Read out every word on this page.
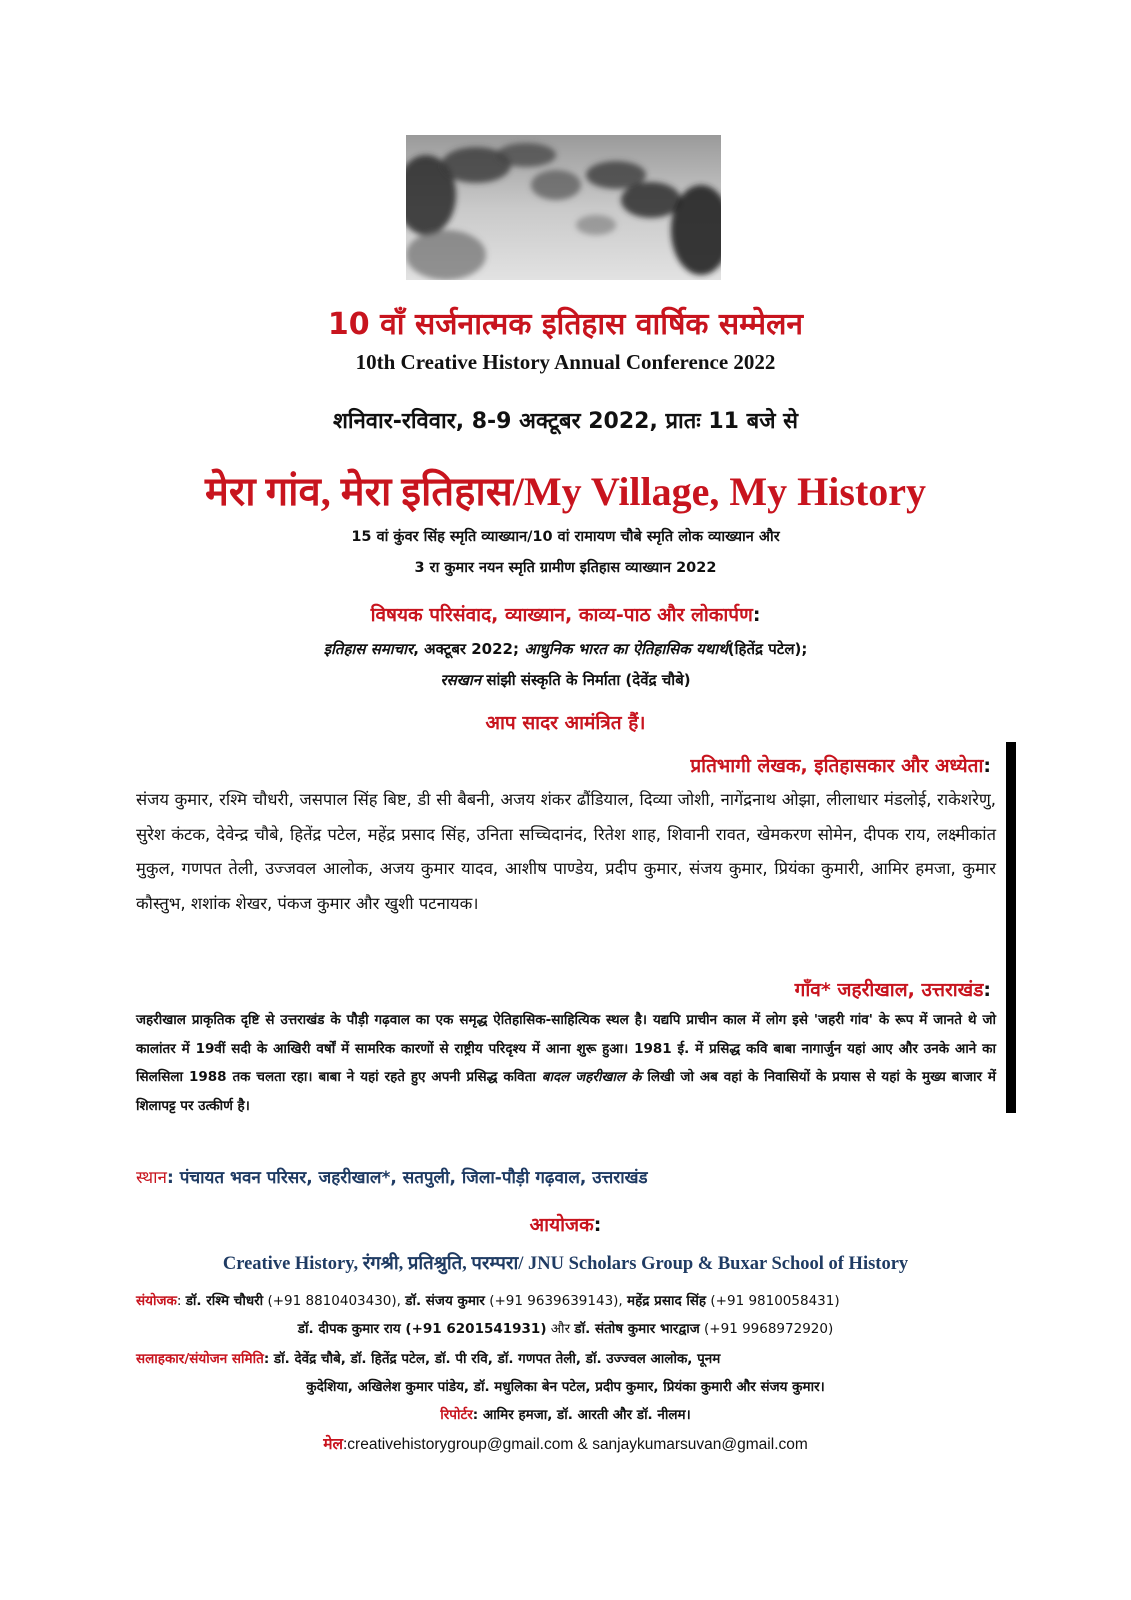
10 वाँ सर्जनात्मक इतिहास वार्षिक सम्मेलन
10th Creative History Annual Conference 2022
शनिवार-रविवार, 8-9 अक्टूबर 2022, प्रातः 11 बजे से
मेरा गांव, मेरा इतिहास/My Village, My History
15 वां कुंवर सिंह स्मृति व्याख्यान/10 वां रामायण चौबे स्मृति लोक व्याख्यान और
3 रा कुमार नयन स्मृति ग्रामीण इतिहास व्याख्यान 2022
विषयक परिसंवाद, व्याख्यान, काव्य-पाठ और लोकार्पण:
इतिहास समाचार, अक्टूबर 2022; आधुनिक भारत का ऐतिहासिक यथार्थ(हितेंद्र पटेल);
रसखान सांझी संस्कृति के निर्माता (देवेंद्र चौबे)
आप सादर आमंत्रित हैं।
प्रतिभागी लेखक, इतिहासकार और अध्येता:
संजय कुमार, रश्मि चौधरी, जसपाल सिंह बिष्ट, डी सी बैबनी, अजय शंकर ढौंडियाल, दिव्या जोशी, नागेंद्रनाथ ओझा, लीलाधार मंडलोई, राकेशरेणु, सुरेश कंटक, देवेन्द्र चौबे, हितेंद्र पटेल, महेंद्र प्रसाद सिंह, उनिता सच्चिदानंद, रितेश शाह, शिवानी रावत, खेमकरण सोमेन, दीपक राय, लक्ष्मीकांत मुकुल, गणपत तेली, उज्जवल आलोक, अजय कुमार यादव, आशीष पाण्डेय, प्रदीप कुमार, संजय कुमार, प्रियंका कुमारी, आमिर हमजा, कुमार कौस्तुभ, शशांक शेखर, पंकज कुमार और खुशी पटनायक।
गाँव* जहरीखाल, उत्तराखंड:
जहरीखाल प्राकृतिक दृष्टि से उत्तराखंड के पौड़ी गढ़वाल का एक समृद्ध ऐतिहासिक-साहित्यिक स्थल है। यद्यपि प्राचीन काल में लोग इसे 'जहरी गांव' के रूप में जानते थे जो कालांतर में 19वीं सदी के आखिरी वर्षों में सामरिक कारणों से राष्ट्रीय परिदृश्य में आना शुरू हुआ। 1981 ई. में प्रसिद्ध कवि बाबा नागार्जुन यहां आए और उनके आने का सिलसिला 1988 तक चलता रहा। बाबा ने यहां रहते हुए अपनी प्रसिद्ध कविता बादल जहरीखाल के लिखी जो अब वहां के निवासियों के प्रयास से यहां के मुख्य बाजार में शिलापट्ट पर उत्कीर्ण है।
स्थान: पंचायत भवन परिसर, जहरीखाल*, सतपुली, जिला-पौड़ी गढ़वाल, उत्तराखंड
आयोजक:
Creative History, रंगश्री, प्रतिश्रुति, परम्परा/ JNU Scholars Group & Buxar School of History
संयोजक: डॉ. रश्मि चौधरी (+91 8810403430), डॉ. संजय कुमार (+91 9639639143), महेंद्र प्रसाद सिंह (+91 9810058431)
डॉ. दीपक कुमार राय (+91 6201541931) और डॉ. संतोष कुमार भारद्वाज (+91 9968972920)
सलाहकार/संयोजन समिति: डॉ. देवेंद्र चौबे, डॉ. हितेंद्र पटेल, डॉ. पी रवि, डॉ. गणपत तेली, डॉ. उज्ज्वल आलोक, पूनम
कुदेशिया, अखिलेश कुमार पांडेय, डॉ. मधुलिका बेन पटेल, प्रदीप कुमार, प्रियंका कुमारी और संजय कुमार।
रिपोर्टर: आमिर हमजा, डॉ. आरती और डॉ. नीलम।
मेल:creativehistorygroup@gmail.com & sanjaykumarsuvan@gmail.com
